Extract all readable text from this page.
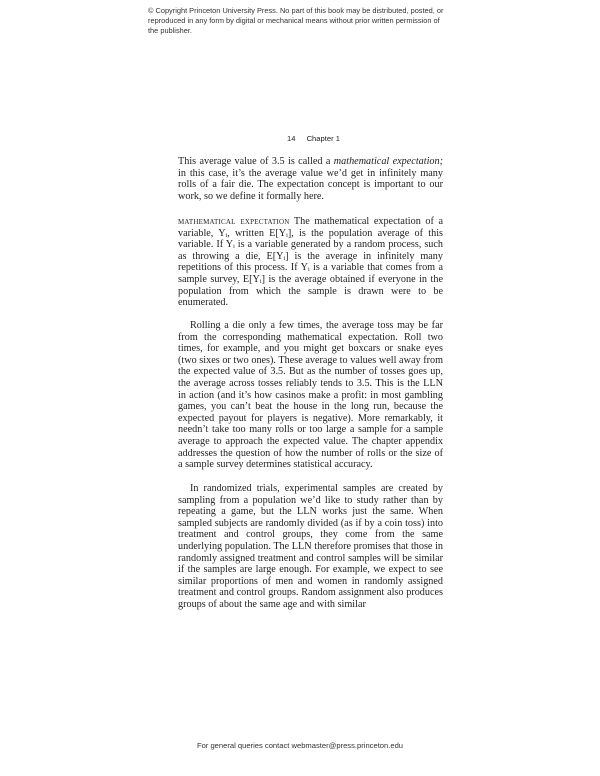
© Copyright Princeton University Press. No part of this book may be distributed, posted, or reproduced in any form by digital or mechanical means without prior written permission of the publisher.
14 Chapter 1
This average value of 3.5 is called a mathematical expectation; in this case, it’s the average value we’d get in infinitely many rolls of a fair die. The expectation concept is important to our work, so we define it formally here.
mathematical expectation The mathematical expectation of a variable, Yᵢ, written E[Yᵢ], is the population average of this variable. If Yᵢ is a variable generated by a random process, such as throwing a die, E[Yᵢ] is the average in infinitely many repetitions of this process. If Yᵢ is a variable that comes from a sample survey, E[Yᵢ] is the average obtained if everyone in the population from which the sample is drawn were to be enumerated.
Rolling a die only a few times, the average toss may be far from the corresponding mathematical expectation. Roll two times, for example, and you might get boxcars or snake eyes (two sixes or two ones). These average to values well away from the expected value of 3.5. But as the number of tosses goes up, the average across tosses reliably tends to 3.5. This is the LLN in action (and it’s how casinos make a profit: in most gambling games, you can’t beat the house in the long run, because the expected payout for players is negative). More remarkably, it needn’t take too many rolls or too large a sample for a sample average to approach the expected value. The chapter appendix addresses the question of how the number of rolls or the size of a sample survey determines statistical accuracy.
In randomized trials, experimental samples are created by sampling from a population we’d like to study rather than by repeating a game, but the LLN works just the same. When sampled subjects are randomly divided (as if by a coin toss) into treatment and control groups, they come from the same underlying population. The LLN therefore promises that those in randomly assigned treatment and control samples will be similar if the samples are large enough. For example, we expect to see similar proportions of men and women in randomly assigned treatment and control groups. Random assignment also produces groups of about the same age and with similar
For general queries contact webmaster@press.princeton.edu
